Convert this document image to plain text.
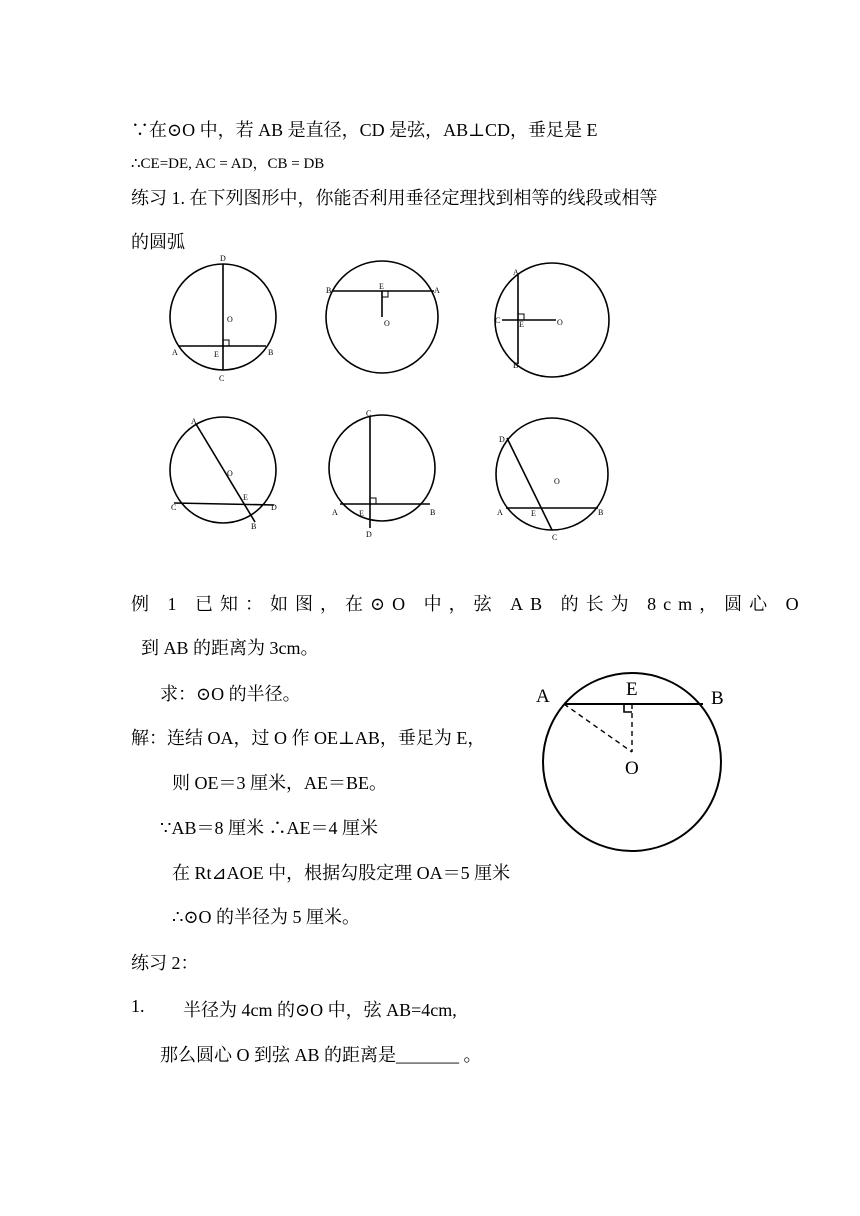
∵在⊙O 中，若 AB 是直径，CD 是弦，AB⊥CD，垂足是 E
∴CE=DE, AC = AD，CB = DB
练习 1. 在下列图形中，你能否利用垂径定理找到相等的线段或相等
的圆弧
D
O
A	E	B
C
B	E	A
O
A
C E	O
B
A
O
E
C	D
B
C
A	E	B
D
D
O
A	E	B
C
例 1 已知：如图，在⊙O 中，弦 AB 的长为 8cm，圆心 O
到 AB 的距离为 3cm。
求：⊙O 的半径。
解：连结 OA，过 O 作 OE⊥AB，垂足为 E，
则 OE＝3 厘米，AE＝BE。
∵AB＝8 厘米 ∴AE＝4 厘米
在 Rt⊿AOE 中，根据勾股定理 OA＝5 厘米
∴⊙O 的半径为 5 厘米。
A	E	B
O
练习 2：
1. 半径为 4cm 的⊙O 中，弦 AB=4cm,
那么圆心 O 到弦 AB 的距离是_______ 。
